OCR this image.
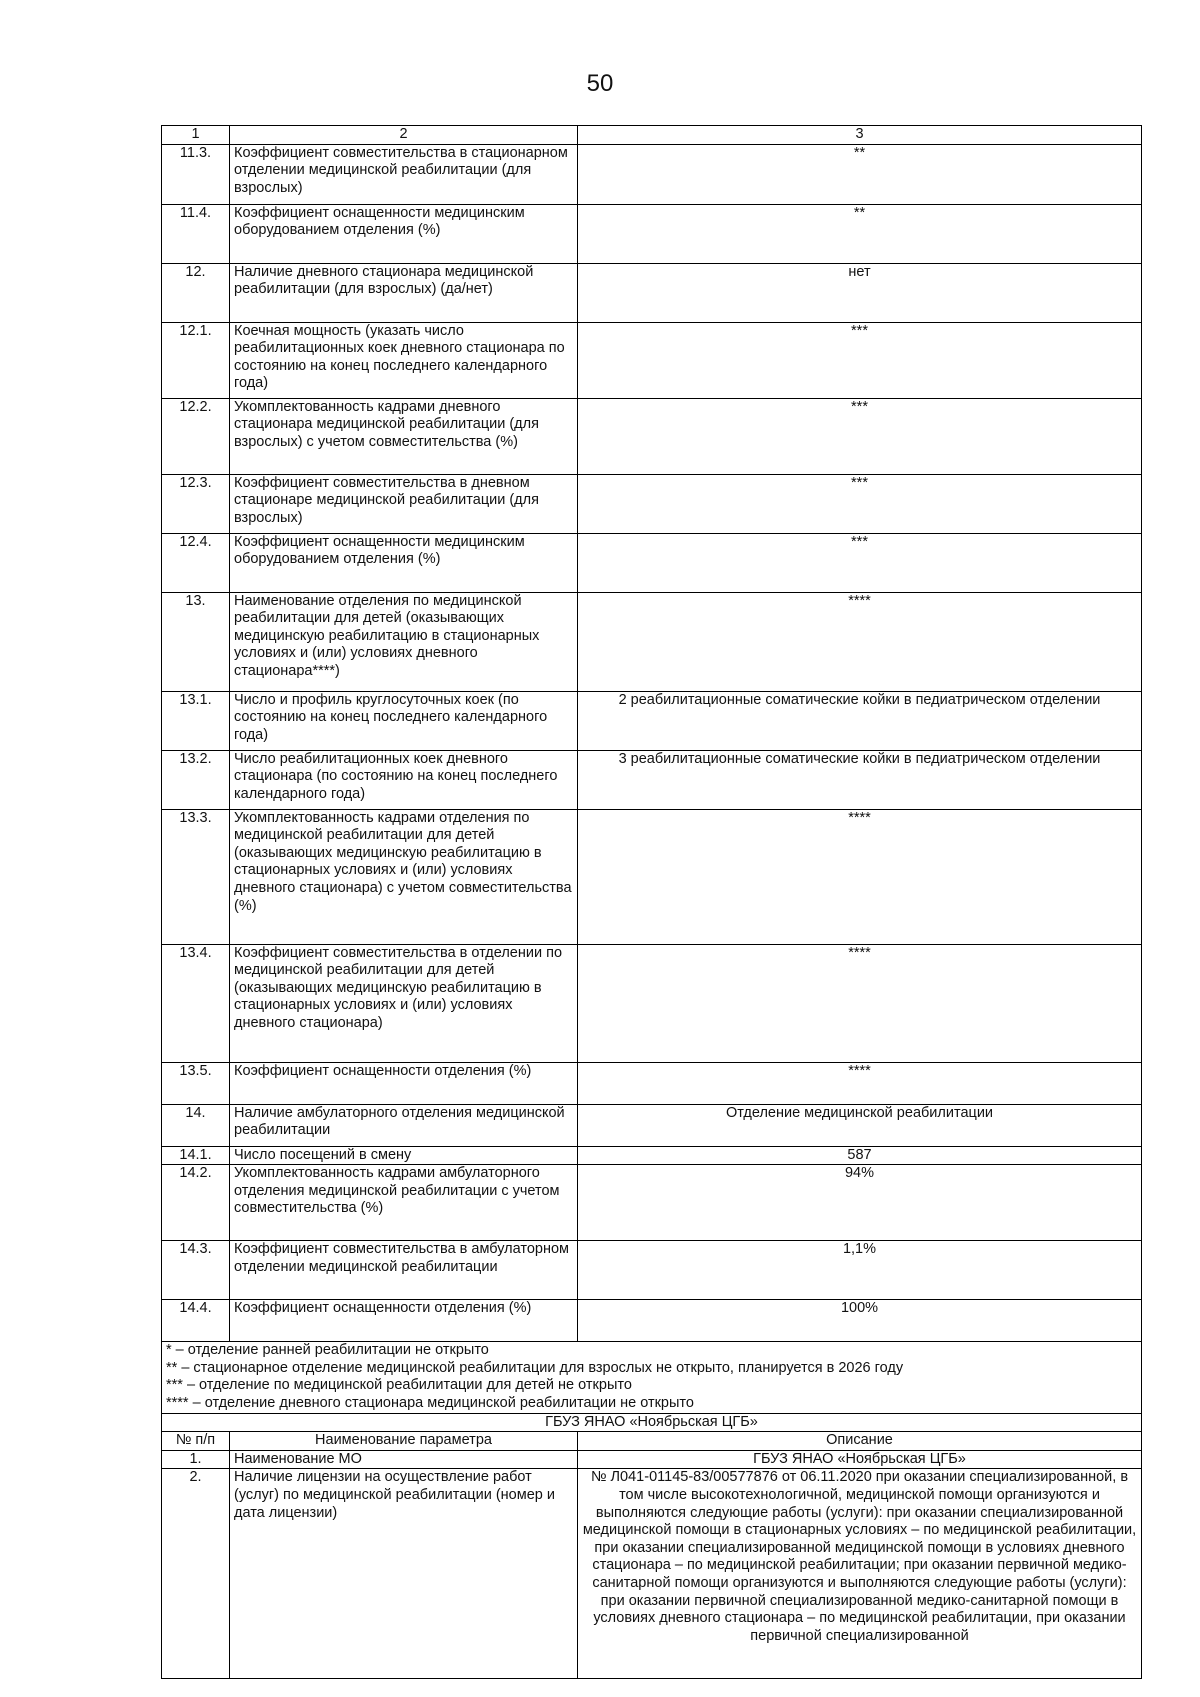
50
1	2	3
11.3.	Коэффициент совместительства в стационарном отделении медицинской реабилитации (для взрослых)	**
11.4.	Коэффициент оснащенности медицинским оборудованием отделения (%)	**
12.	Наличие дневного стационара медицинской реабилитации (для взрослых) (да/нет)	нет
12.1.	Коечная мощность (указать число реабилитационных коек дневного стационара по состоянию на конец последнего календарного года)	***
12.2.	Укомплектованность кадрами дневного стационара медицинской реабилитации (для взрослых) с учетом совместительства (%)	***
12.3.	Коэффициент совместительства в дневном стационаре медицинской реабилитации (для взрослых)	***
12.4.	Коэффициент оснащенности медицинским оборудованием отделения (%)	***
13.	Наименование отделения по медицинской реабилитации для детей (оказывающих медицинскую реабилитацию в стационарных условиях и (или) условиях дневного стационара****)	****
13.1.	Число и профиль круглосуточных коек (по состоянию на конец последнего календарного года)	2 реабилитационные соматические койки в педиатрическом отделении
13.2.	Число реабилитационных коек дневного стационара (по состоянию на конец последнего календарного года)	3 реабилитационные соматические койки в педиатрическом отделении
13.3.	Укомплектованность кадрами отделения по медицинской реабилитации для детей (оказывающих медицинскую реабилитацию в стационарных условиях и (или) условиях дневного стационара) с учетом совместительства (%)	****
13.4.	Коэффициент совместительства в отделении по медицинской реабилитации для детей (оказывающих медицинскую реабилитацию в стационарных условиях и (или) условиях дневного стационара)	****
13.5.	Коэффициент оснащенности отделения (%)	****
14.	Наличие амбулаторного отделения медицинской реабилитации	Отделение медицинской реабилитации
14.1.	Число посещений в смену	587
14.2.	Укомплектованность кадрами амбулаторного отделения медицинской реабилитации с учетом совместительства (%)	94%
14.3.	Коэффициент совместительства в амбулаторном отделении медицинской реабилитации	1,1%
14.4.	Коэффициент оснащенности отделения (%)	100%

* – отделение ранней реабилитации не открыто
** – стационарное отделение медицинской реабилитации для взрослых не открыто, планируется в 2026 году
*** – отделение по медицинской реабилитации для детей не открыто
**** – отделение дневного стационара медицинской реабилитации не открыто		

ГБУЗ ЯНАО «Ноябрьская ЦГБ»		
№ п/п	Наименование параметра	Описание
1.	Наименование МО	ГБУЗ ЯНАО «Ноябрьская ЦГБ»
2.	Наличие лицензии на осуществление работ (услуг) по медицинской реабилитации (номер и дата лицензии)	№ Л041-01145-83/00577876 от 06.11.2020 при оказании специализированной, в том числе высокотехнологичной, медицинской помощи организуются и выполняются следующие работы (услуги): при оказании специализированной медицинской помощи в стационарных условиях – по медицинской реабилитации, при оказании специализированной медицинской помощи в условиях дневного стационара – по медицинской реабилитации; при оказании первичной медико-санитарной помощи организуются и выполняются следующие работы (услуги): при оказании первичной специализированной медико-санитарной помощи в условиях дневного стационара – по медицинской реабилитации, при оказании первичной специализированной
